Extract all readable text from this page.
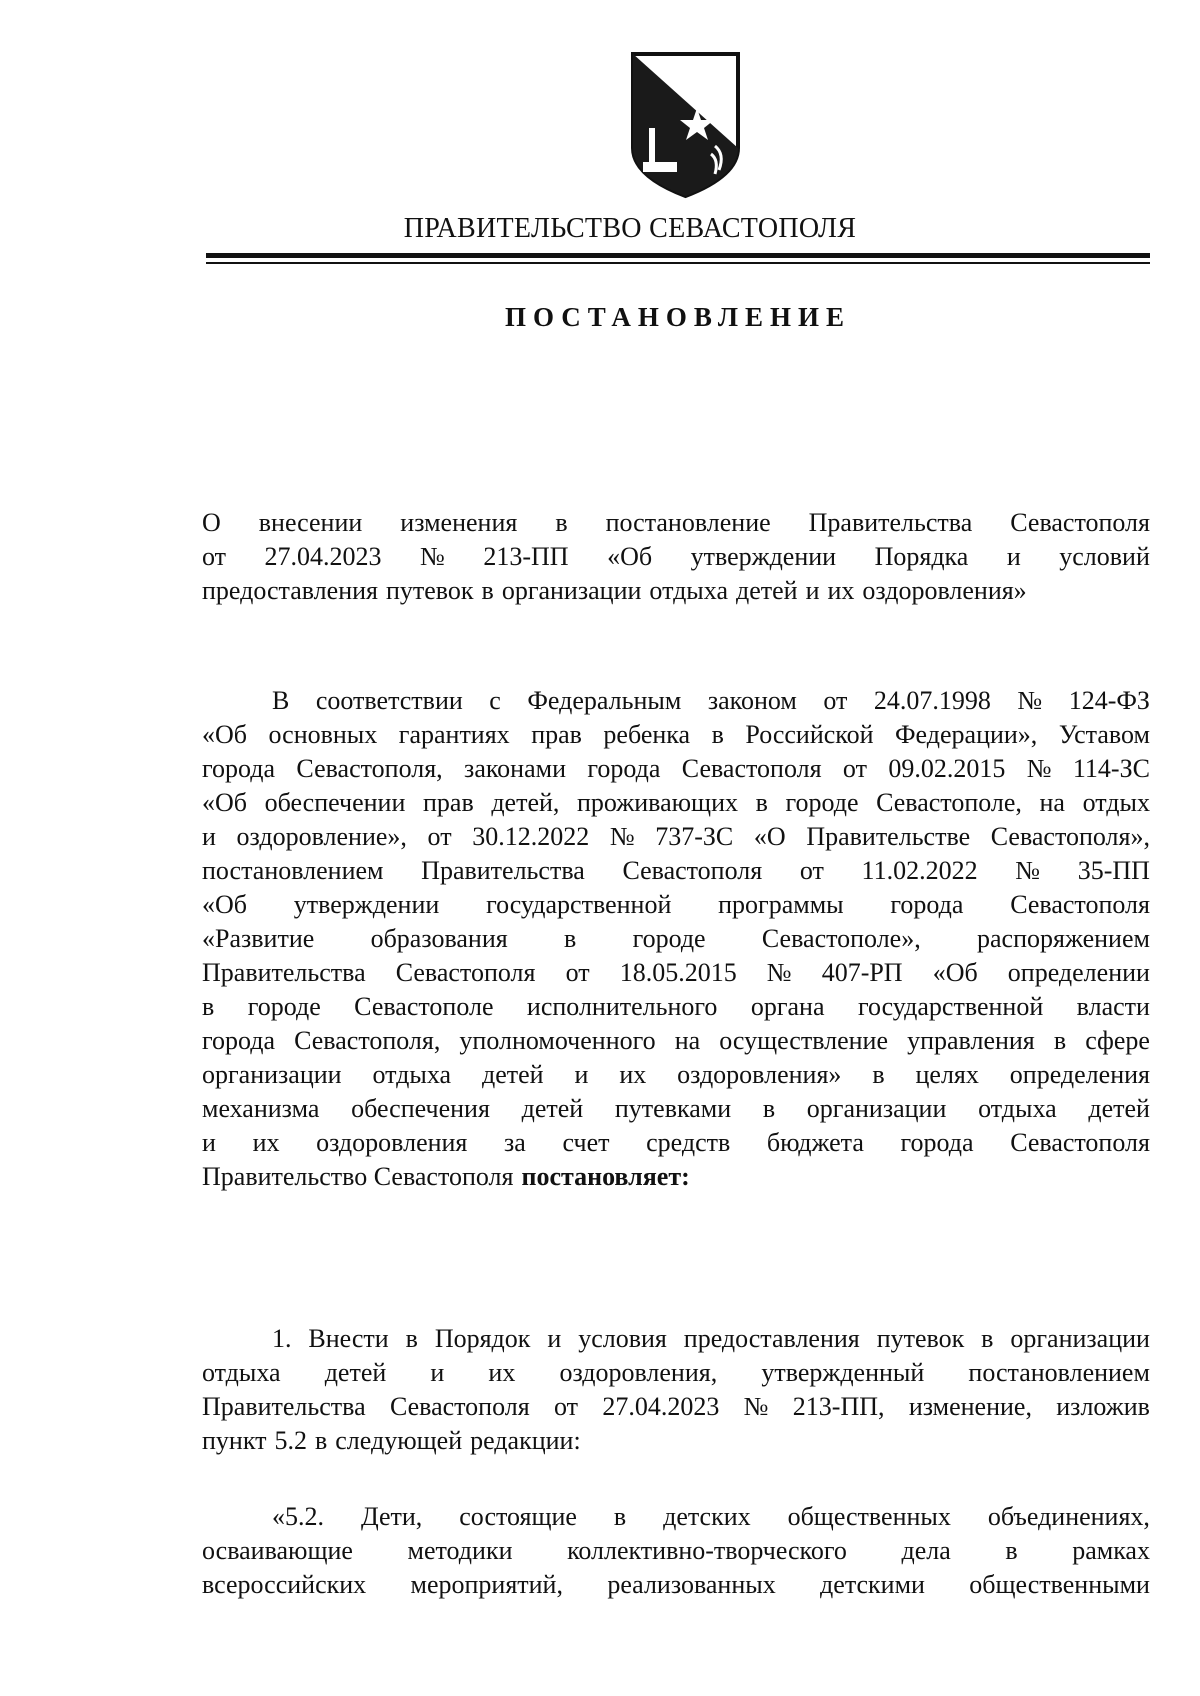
ПРАВИТЕЛЬСТВО СЕВАСТОПОЛЯ
ПОСТАНОВЛЕНИЕ
О внесении изменения в постановление Правительства Севастополя
от 27.04.2023 № 213-ПП «Об утверждении Порядка и условий
предоставления путевок в организации отдыха детей и их оздоровления»
В соответствии с Федеральным законом от 24.07.1998 № 124-ФЗ
«Об основных гарантиях прав ребенка в Российской Федерации», Уставом
города Севастополя, законами города Севастополя от 09.02.2015 № 114-ЗС
«Об обеспечении прав детей, проживающих в городе Севастополе, на отдых
и оздоровление», от 30.12.2022 № 737-ЗС «О Правительстве Севастополя»,
постановлением Правительства Севастополя от 11.02.2022 № 35-ПП
«Об утверждении государственной программы города Севастополя
«Развитие образования в городе Севастополе», распоряжением
Правительства Севастополя от 18.05.2015 № 407-РП «Об определении
в городе Севастополе исполнительного органа государственной власти
города Севастополя, уполномоченного на осуществление управления в сфере
организации отдыха детей и их оздоровления» в целях определения
механизма обеспечения детей путевками в организации отдыха детей
и их оздоровления за счет средств бюджета города Севастополя
Правительство Севастополя постановляет:
1. Внести в Порядок и условия предоставления путевок в организации
отдыха детей и их оздоровления, утвержденный постановлением
Правительства Севастополя от 27.04.2023 № 213-ПП, изменение, изложив
пункт 5.2 в следующей редакции:
«5.2. Дети, состоящие в детских общественных объединениях,
осваивающие методики коллективно-творческого дела в рамках
всероссийских мероприятий, реализованных детскими общественными
